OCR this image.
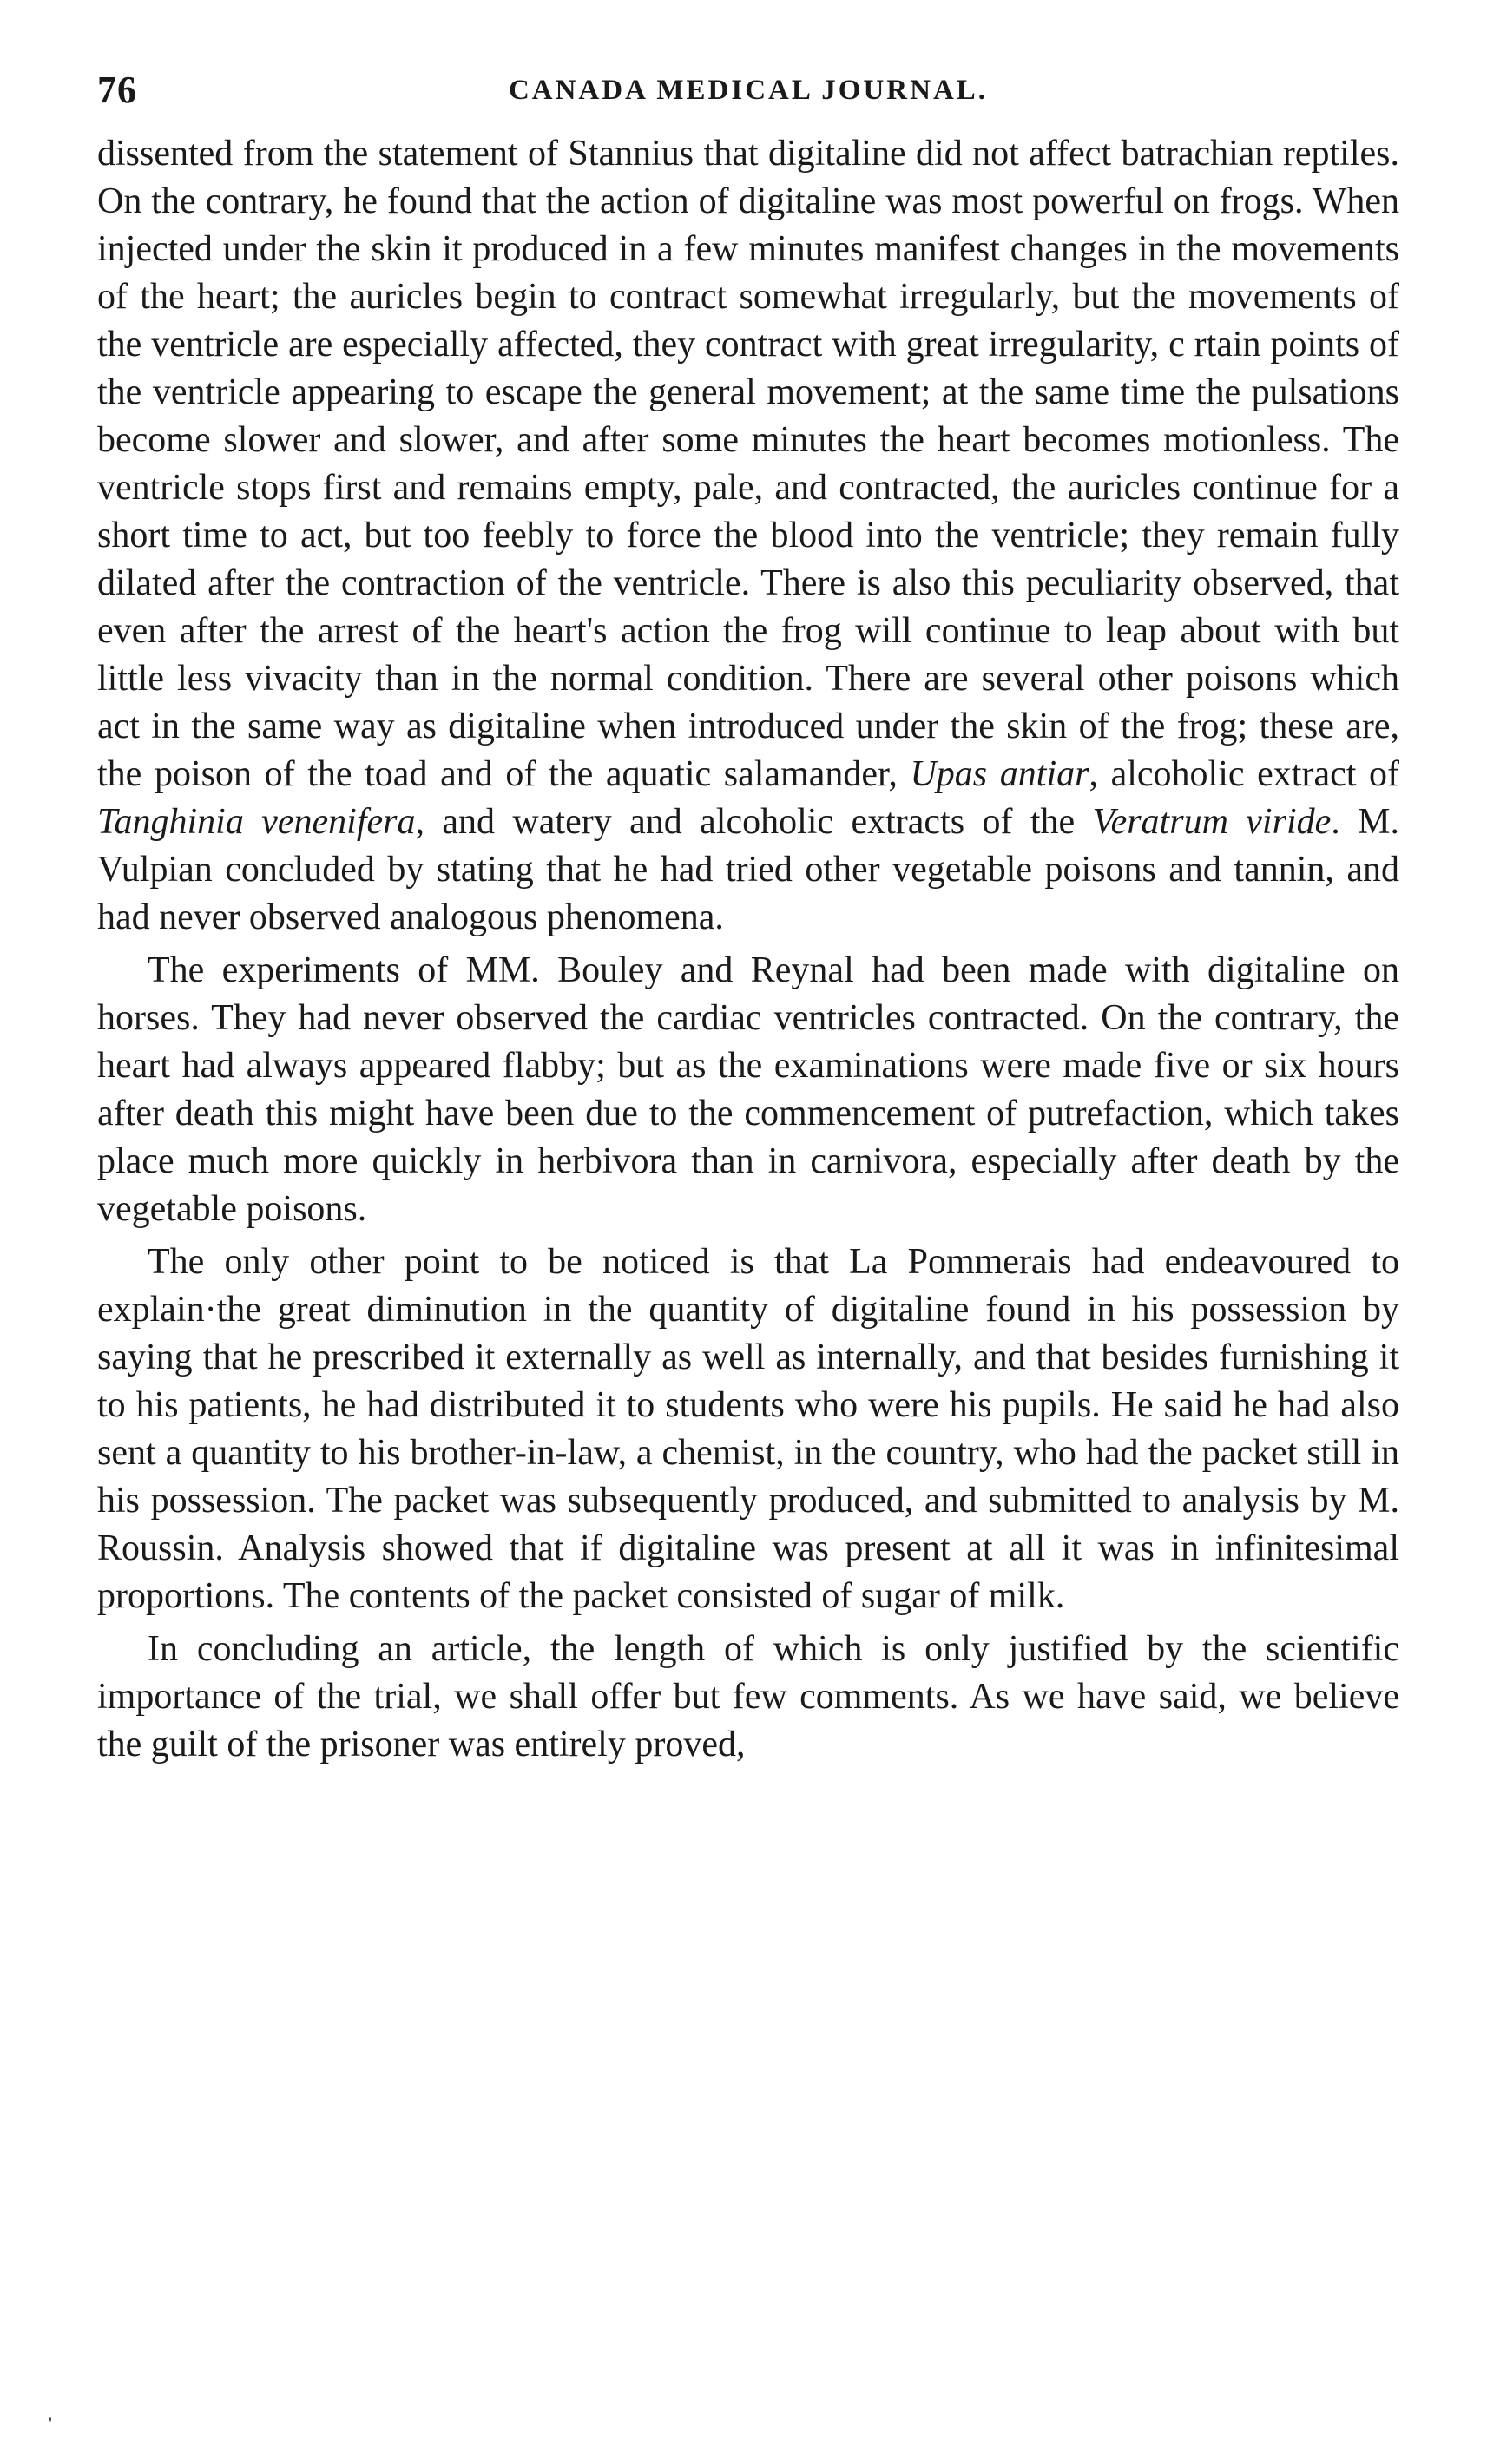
76	CANADA MEDICAL JOURNAL.

dissented from the statement of Stannius that digitaline did not affect batrachian reptiles. On the contrary, he found that the action of digitaline was most powerful on frogs. When injected under the skin it produced in a few minutes manifest changes in the movements of the heart; the auricles begin to contract somewhat irregularly, but the movements of the ventricle are especially affected, they contract with great irregularity, c rtain points of the ventricle appearing to escape the general movement; at the same time the pulsations become slower and slower, and after some minutes the heart becomes motionless. The ventricle stops first and remains empty, pale, and contracted, the auricles continue for a short time to act, but too feebly to force the blood into the ventricle; they remain fully dilated after the contraction of the ventricle. There is also this peculiarity observed, that even after the arrest of the heart's action the frog will continue to leap about with but little less vivacity than in the normal condition. There are several other poisons which act in the same way as digitaline when introduced under the skin of the frog; these are, the poison of the toad and of the aquatic salamander, Upas antiar, alcoholic extract of Tanghinia venenifera, and watery and alcoholic extracts of the Veratrum viride. M. Vulpian concluded by stating that he had tried other vegetable poisons and tannin, and had never observed analogous phenomena.

The experiments of MM. Bouley and Reynal had been made with digitaline on horses. They had never observed the cardiac ventricles contracted. On the contrary, the heart had always appeared flabby; but as the examinations were made five or six hours after death this might have been due to the commencement of putrefaction, which takes place much more quickly in herbivora than in carnivora, especially after death by the vegetable poisons.

The only other point to be noticed is that La Pommerais had endeavoured to explain·the great diminution in the quantity of digitaline found in his possession by saying that he prescribed it externally as well as internally, and that besides furnishing it to his patients, he had distributed it to students who were his pupils. He said he had also sent a quantity to his brother-in-law, a chemist, in the country, who had the packet still in his possession. The packet was subsequently produced, and submitted to analysis by M. Roussin. Analysis showed that if digitaline was present at all it was in infinitesimal proportions. The contents of the packet consisted of sugar of milk.

In concluding an article, the length of which is only justified by the scientific importance of the trial, we shall offer but few comments. As we have said, we believe the guilt of the prisoner was entirely proved,

'
